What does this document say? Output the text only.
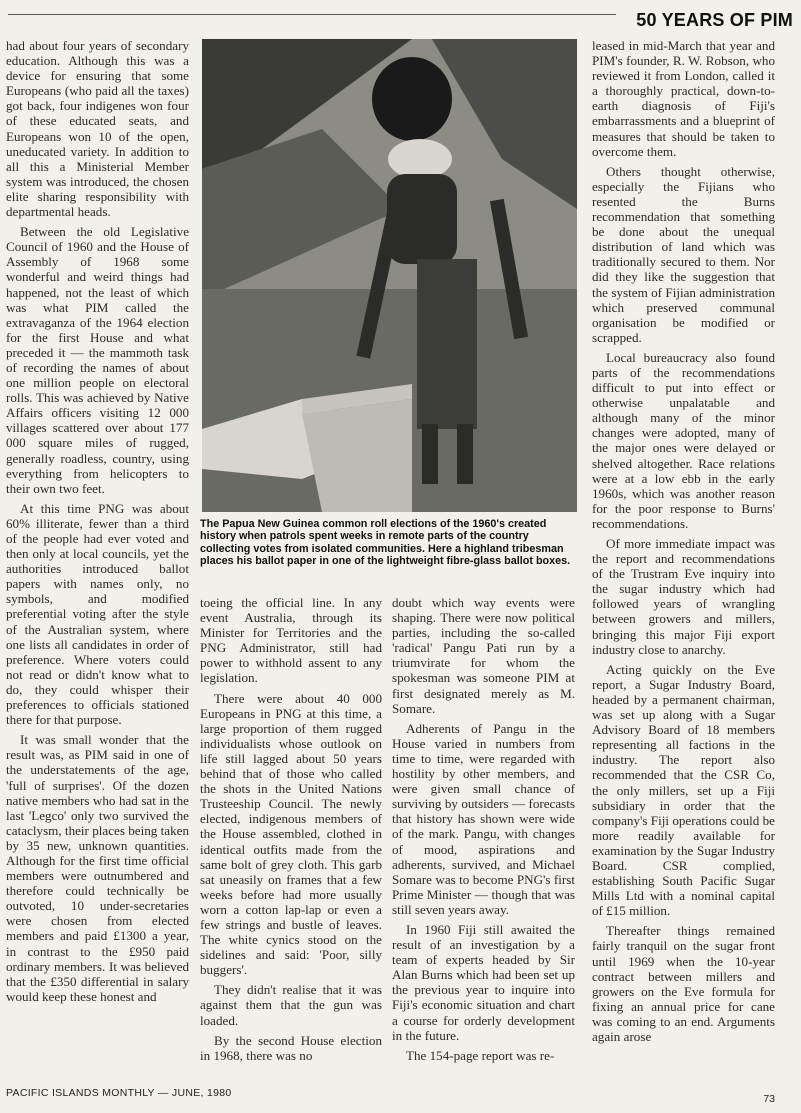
50 YEARS OF PIM

had about four years of secondary education. Although this was a device for ensuring that some Europeans (who paid all the taxes) got back, four indigenes won four of these educated seats, and Europeans won 10 of the open, uneducated variety. In addition to all this a Ministerial Member system was introduced, the chosen elite sharing responsibility with departmental heads.

Between the old Legislative Council of 1960 and the House of Assembly of 1968 some wonderful and weird things had happened, not the least of which was what PIM called the extravaganza of the 1964 election for the first House and what preceded it — the mammoth task of recording the names of about one million people on electoral rolls. This was achieved by Native Affairs officers visiting 12 000 villages scattered over about 177 000 square miles of rugged, generally roadless, country, using everything from helicopters to their own two feet.

At this time PNG was about 60% illiterate, fewer than a third of the people had ever voted and then only at local councils, yet the authorities introduced ballot papers with names only, no symbols, and modified preferential voting after the style of the Australian system, where one lists all candidates in order of preference. Where voters could not read or didn't know what to do, they could whisper their preferences to officials stationed there for that purpose.

It was small wonder that the result was, as PIM said in one of the understatements of the age, 'full of surprises'. Of the dozen native members who had sat in the last 'Legco' only two survived the cataclysm, their places being taken by 35 new, unknown quantities. Although for the first time official members were outnumbered and therefore could technically be outvoted, 10 under-secretaries were chosen from elected members and paid £1300 a year, in contrast to the £950 paid ordinary members. It was believed that the £350 differential in salary would keep these honest and

The Papua New Guinea common roll elections of the 1960's created history when patrols spent weeks in remote parts of the country collecting votes from isolated communities. Here a highland tribesman places his ballot paper in one of the lightweight fibre-glass ballot boxes.

toeing the official line. In any event Australia, through its Minister for Territories and the PNG Administrator, still had power to withhold assent to any legislation.

There were about 40 000 Europeans in PNG at this time, a large proportion of them rugged individualists whose outlook on life still lagged about 50 years behind that of those who called the shots in the United Nations Trusteeship Council. The newly elected, indigenous members of the House assembled, clothed in identical outfits made from the same bolt of grey cloth. This garb sat uneasily on frames that a few weeks before had more usually worn a cotton lap-lap or even a few strings and bustle of leaves. The white cynics stood on the sidelines and said: 'Poor, silly buggers'.

They didn't realise that it was against them that the gun was loaded.

By the second House election in 1968, there was no

doubt which way events were shaping. There were now political parties, including the so-called 'radical' Pangu Pati run by a triumvirate for whom the spokesman was someone PIM at first designated merely as M. Somare.

Adherents of Pangu in the House varied in numbers from time to time, were regarded with hostility by other members, and were given small chance of surviving by outsiders — forecasts that history has shown were wide of the mark. Pangu, with changes of mood, aspirations and adherents, survived, and Michael Somare was to become PNG's first Prime Minister — though that was still seven years away.

In 1960 Fiji still awaited the result of an investigation by a team of experts headed by Sir Alan Burns which had been set up the previous year to inquire into Fiji's economic situation and chart a course for orderly development in the future.

The 154-page report was re-

leased in mid-March that year and PIM's founder, R. W. Robson, who reviewed it from London, called it a thoroughly practical, down-to-earth diagnosis of Fiji's embarrassments and a blueprint of measures that should be taken to overcome them.

Others thought otherwise, especially the Fijians who resented the Burns recommendation that something be done about the unequal distribution of land which was traditionally secured to them. Nor did they like the suggestion that the system of Fijian administration which preserved communal organisation be modified or scrapped.

Local bureaucracy also found parts of the recommendations difficult to put into effect or otherwise unpalatable and although many of the minor changes were adopted, many of the major ones were delayed or shelved altogether. Race relations were at a low ebb in the early 1960s, which was another reason for the poor response to Burns' recommendations.

Of more immediate impact was the report and recommendations of the Trustram Eve inquiry into the sugar industry which had followed years of wrangling between growers and millers, bringing this major Fiji export industry close to anarchy.

Acting quickly on the Eve report, a Sugar Industry Board, headed by a permanent chairman, was set up along with a Sugar Advisory Board of 18 members representing all factions in the industry. The report also recommended that the CSR Co, the only millers, set up a Fiji subsidiary in order that the company's Fiji operations could be more readily available for examination by the Sugar Industry Board. CSR complied, establishing South Pacific Sugar Mills Ltd with a nominal capital of £15 million.

Thereafter things remained fairly tranquil on the sugar front until 1969 when the 10-year contract between millers and growers on the Eve formula for fixing an annual price for cane was coming to an end. Arguments again arose

PACIFIC ISLANDS MONTHLY — JUNE, 1980	73
